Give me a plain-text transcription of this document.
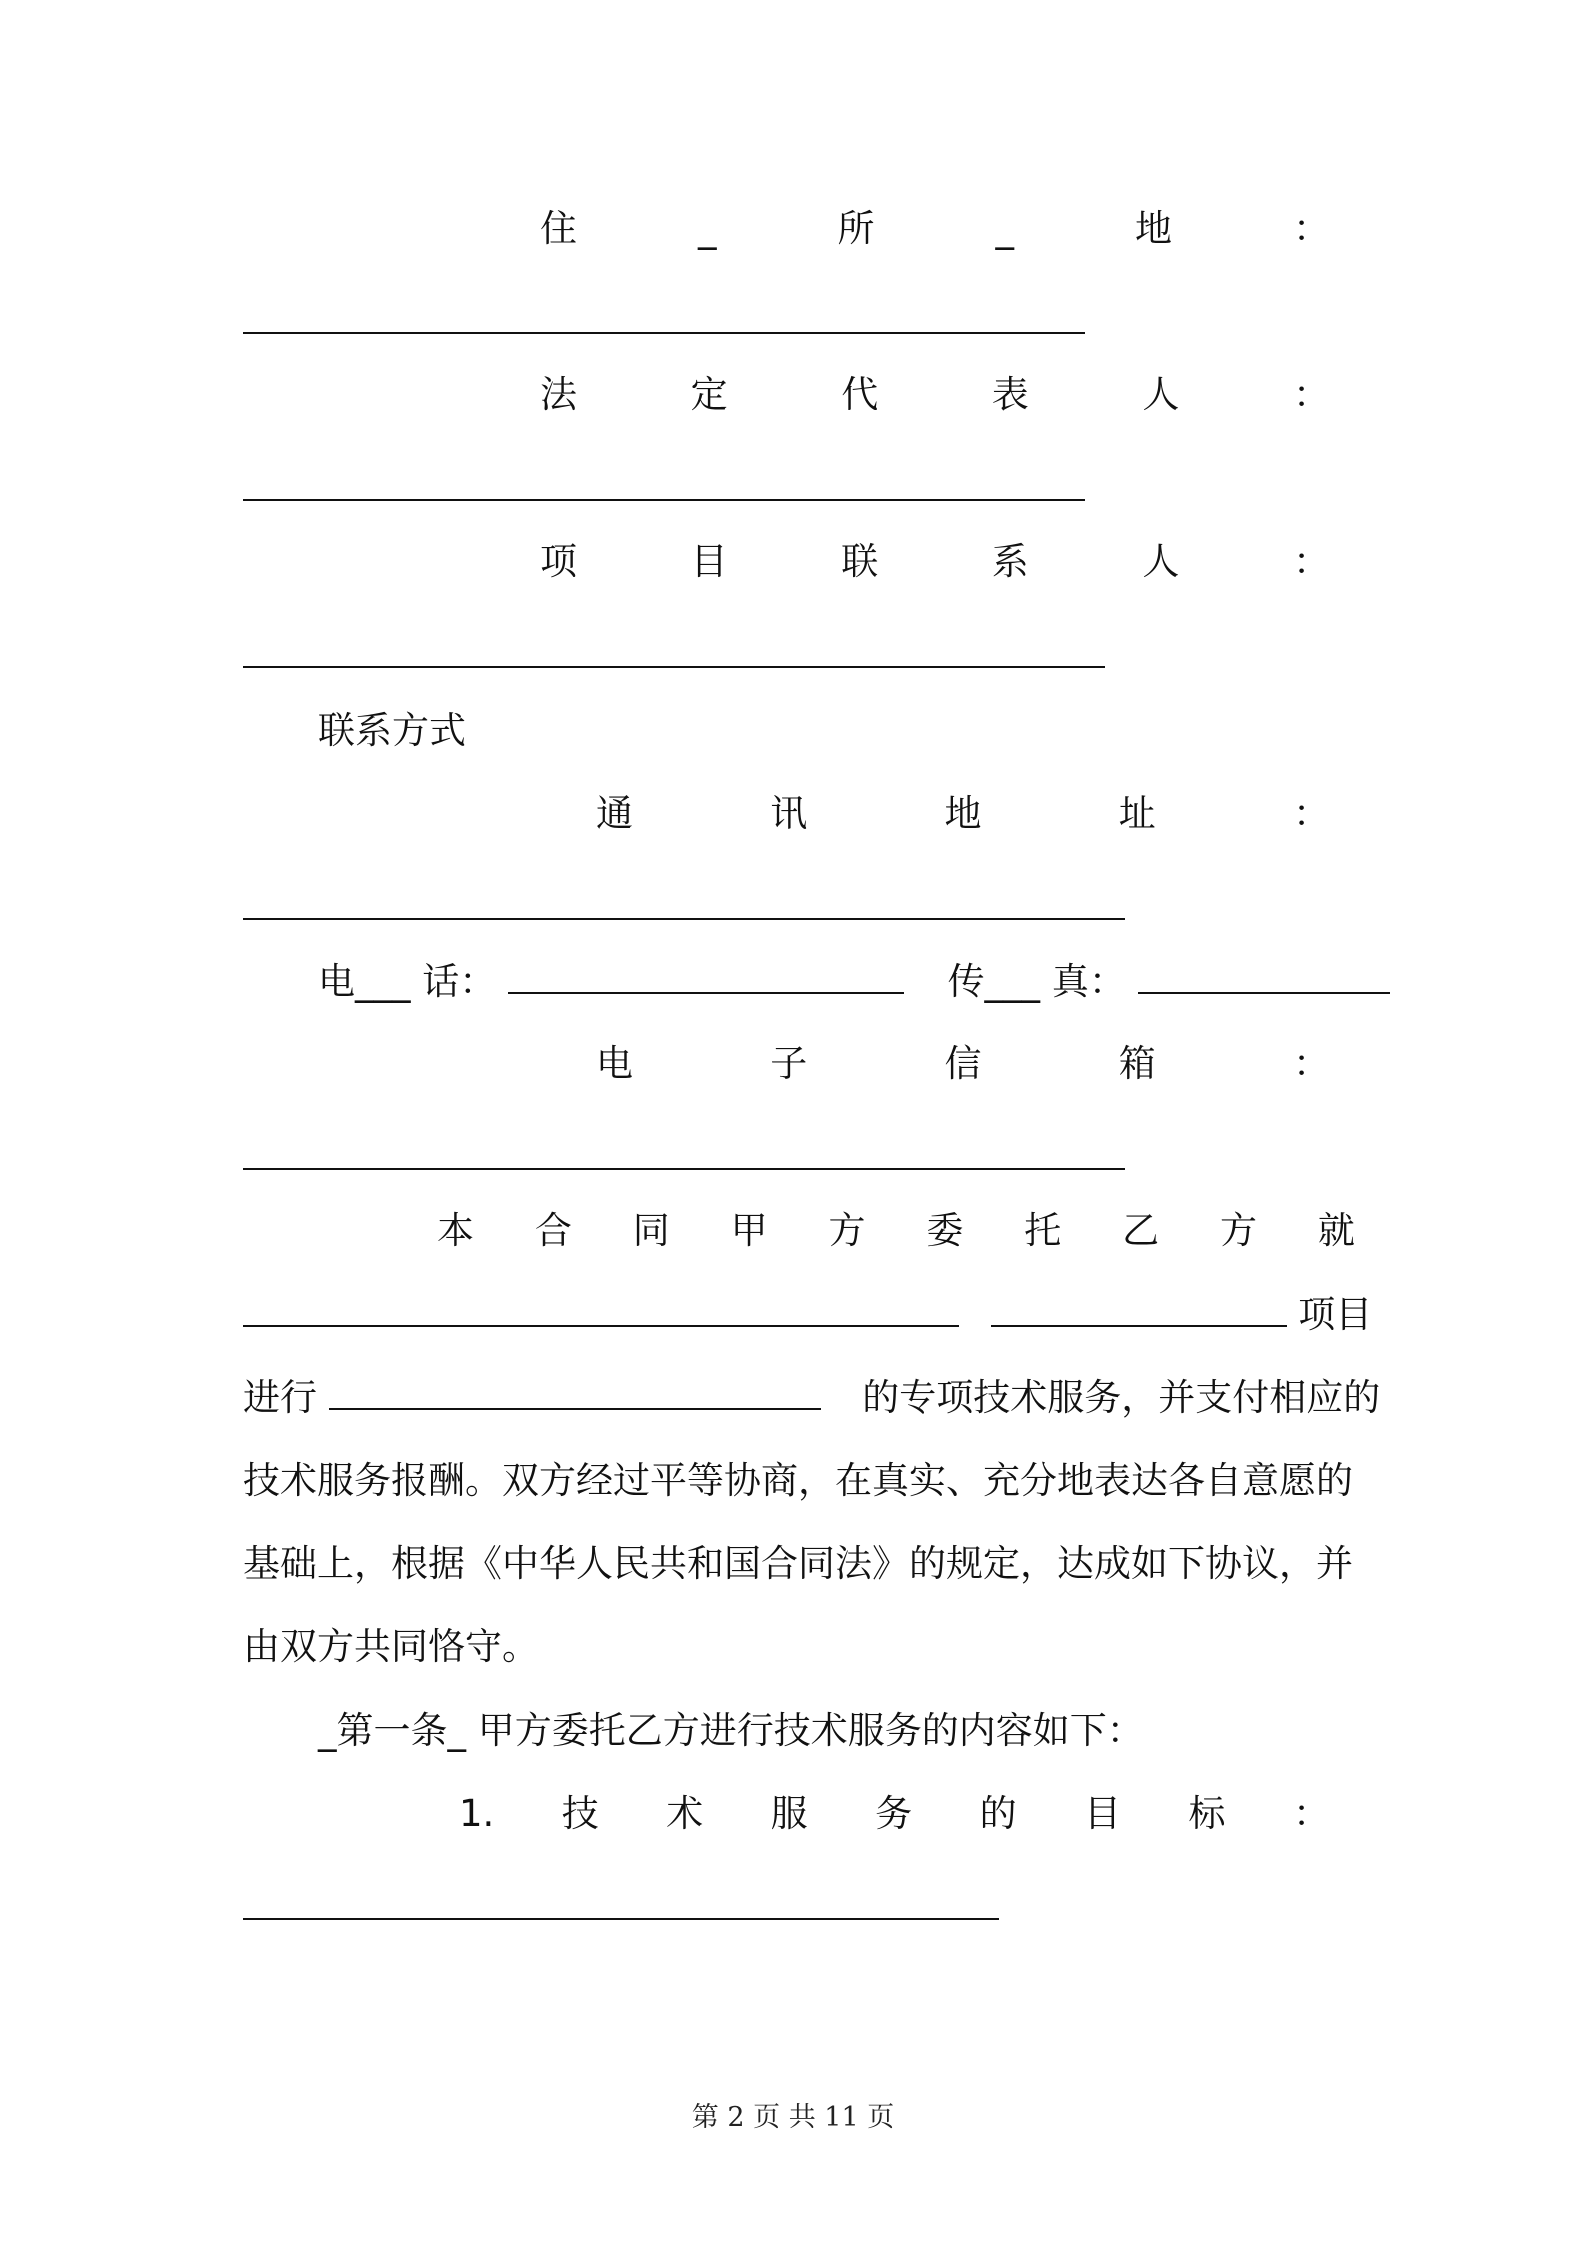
住	_	所	_	地	：
法	定	代	表	人	：
项	目	联	系	人	：
联系方式
通	讯	地	址	：
电___ 话：	传___ 真：
电	子	信	箱	：
本 合 同 甲 方 委 托 乙 方 就
项目
进行	的专项技术服务，并支付相应的
技术服务报酬。双方经过平等协商，在真实、充分地表达各自意愿的
基础上，根据《中华人民共和国合同法》的规定，达成如下协议，并
由双方共同恪守。
_第一条_ 甲方委托乙方进行技术服务的内容如下：
1. 技 术 服 务 的 目 标 ：
第 2 页 共 11 页
